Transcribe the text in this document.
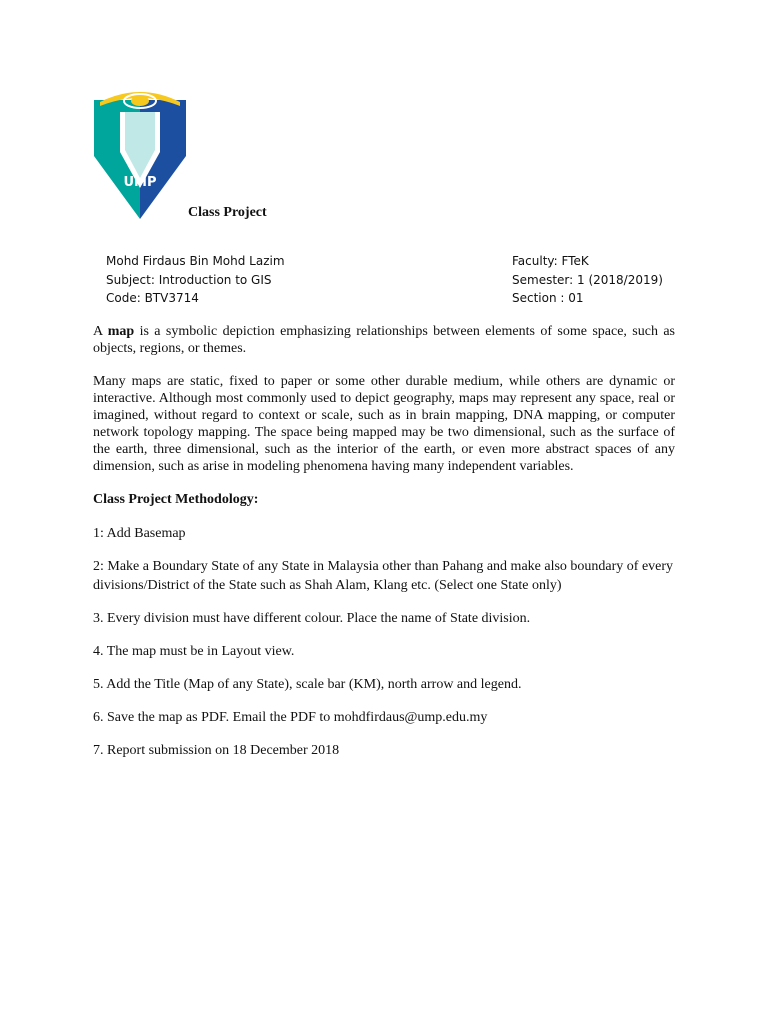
UMP
Class Project
Mohd Firdaus Bin Mohd Lazim
Subject: Introduction to GIS
Code: BTV3714
Faculty: FTeK
Semester: 1 (2018/2019)
Section : 01

A map is a symbolic depiction emphasizing relationships between elements of some space, such as objects, regions, or themes.

Many maps are static, fixed to paper or some other durable medium, while others are dynamic or interactive. Although most commonly used to depict geography, maps may represent any space, real or imagined, without regard to context or scale, such as in brain mapping, DNA mapping, or computer network topology mapping. The space being mapped may be two dimensional, such as the surface of the earth, three dimensional, such as the interior of the earth, or even more abstract spaces of any dimension, such as arise in modeling phenomena having many independent variables.

Class Project Methodology:

1: Add Basemap

2: Make a Boundary State of any State in Malaysia other than Pahang and make also boundary of every divisions/District of the State such as Shah Alam, Klang etc. (Select one State only)

3. Every division must have different colour. Place the name of State division.

4. The map must be in Layout view.

5. Add the Title (Map of any State), scale bar (KM), north arrow and legend.

6. Save the map as PDF. Email the PDF to mohdfirdaus@ump.edu.my

7. Report submission on 18 December 2018
